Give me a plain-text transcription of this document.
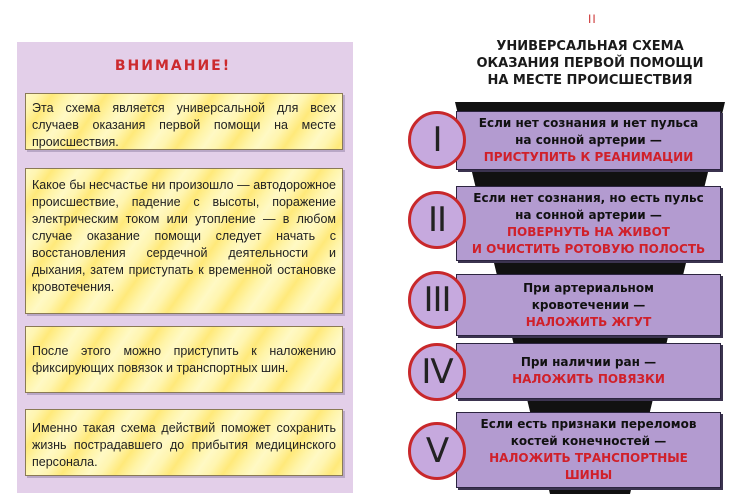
ВНИМАНИЕ!
Эта схема является универсальной для всех случаев оказания первой помощи на месте происшествия.
Какое бы несчастье ни произошло — автодорожное происшествие, падение с высоты, поражение электрическим током или утопление — в любом случае оказание помощи следует начать с восстановления сердечной деятельности и дыхания, затем приступать к временной остановке кровотечения.
После этого можно приступить к наложению фиксирующих повязок и транспортных шин.
Именно такая схема действий поможет сохранить жизнь пострадавшего до прибытия медицинского персонала.
II
УНИВЕРСАЛЬНАЯ СХЕМА
ОКАЗАНИЯ ПЕРВОЙ ПОМОЩИ
НА МЕСТЕ ПРОИСШЕСТВИЯ
Если нет сознания и нет пульса
на сонной артерии —
ПРИСТУПИТЬ К РЕАНИМАЦИИ
Если нет сознания, но есть пульс
на сонной артерии —
ПОВЕРНУТЬ НА ЖИВОТ
И ОЧИСТИТЬ РОТОВУЮ ПОЛОСТЬ
При артериальном
кровотечении —
НАЛОЖИТЬ ЖГУТ
При наличии ран —
НАЛОЖИТЬ ПОВЯЗКИ
Если есть признаки переломов
костей конечностей —
НАЛОЖИТЬ ТРАНСПОРТНЫЕ
ШИНЫ
I
II
III
IV
V
